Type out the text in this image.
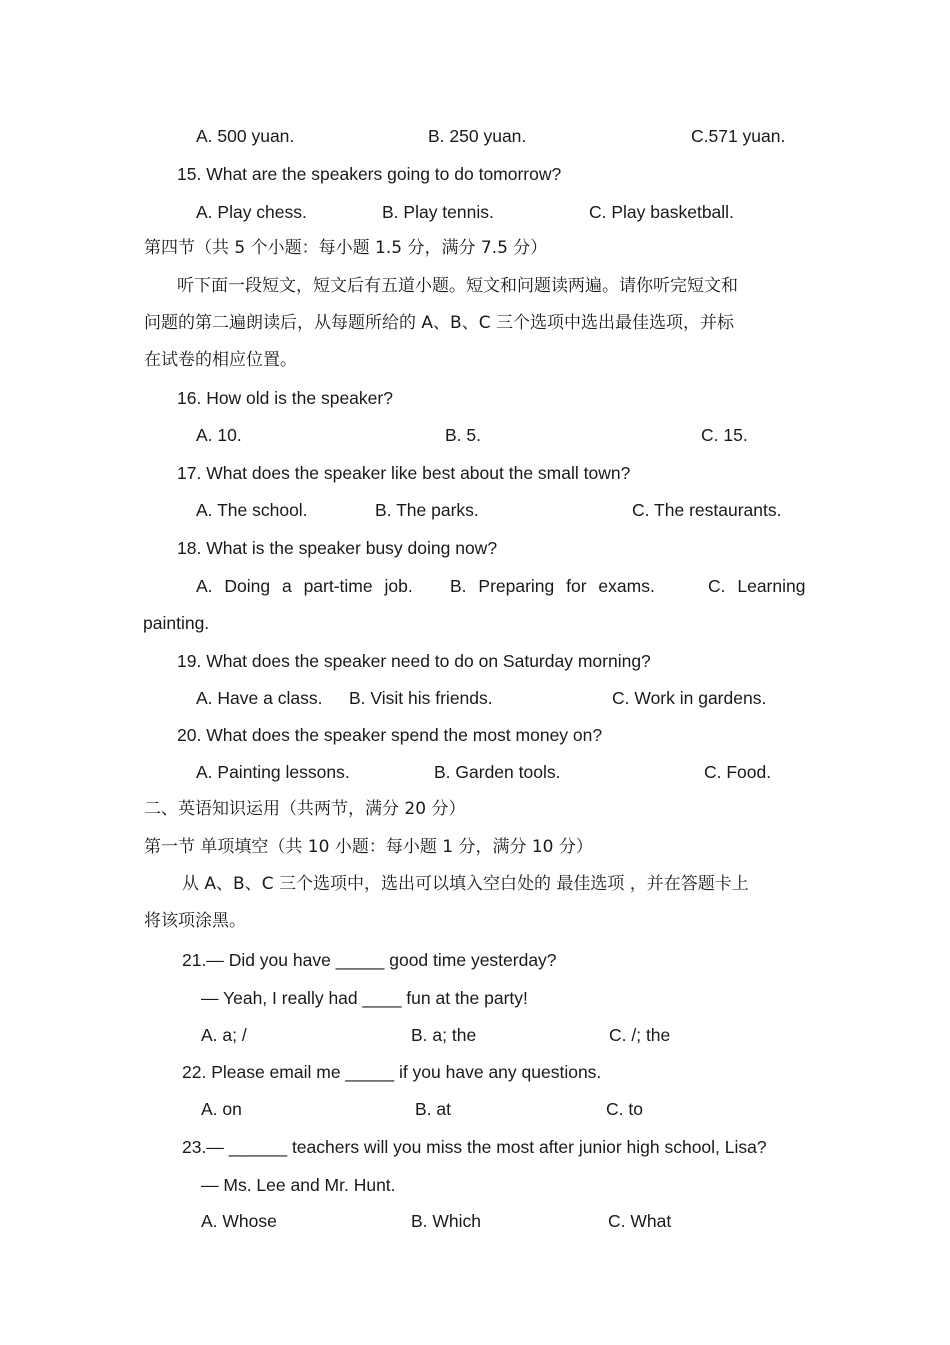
A. 500 yuan.	B. 250 yuan.	C.571 yuan.
15. What are the speakers going to do tomorrow?
A. Play chess.	B. Play tennis.	C. Play basketball.
第四节（共 5 个小题：每小题 1.5 分，满分 7.5 分）
听下面一段短文，短文后有五道小题。短文和问题读两遍。请你听完短文和
问题的第二遍朗读后，从每题所给的 A、B、C 三个选项中选出最佳选项，并标
在试卷的相应位置。
16. How old is the speaker?
A. 10.	B. 5.	C. 15.
17. What does the speaker like best about the small town?
A. The school.	B. The parks.	C. The restaurants.
18. What is the speaker busy doing now?
A. Doing a part-time job. B. Preparing for exams.	C. Learning
painting.
19. What does the speaker need to do on Saturday morning?
A. Have a class. B. Visit his friends.	C. Work in gardens.
20. What does the speaker spend the most money on?
A. Painting lessons.	B. Garden tools.	C. Food.
二、英语知识运用（共两节，满分 20 分）
第一节 单项填空（共 10 小题：每小题 1 分，满分 10 分）
从 A、B、C 三个选项中，选出可以填入空白处的 最佳选项 ，并在答题卡上
将该项涂黑。
21.— Did you have _____ good time yesterday?
— Yeah, I really had ____ fun at the party!
A. a; /	B. a; the	C. /; the
22. Please email me _____ if you have any questions.
A. on	B. at	C. to
23.— ______ teachers will you miss the most after junior high school, Lisa?
— Ms. Lee and Mr. Hunt.
A. Whose	B. Which	C. What
